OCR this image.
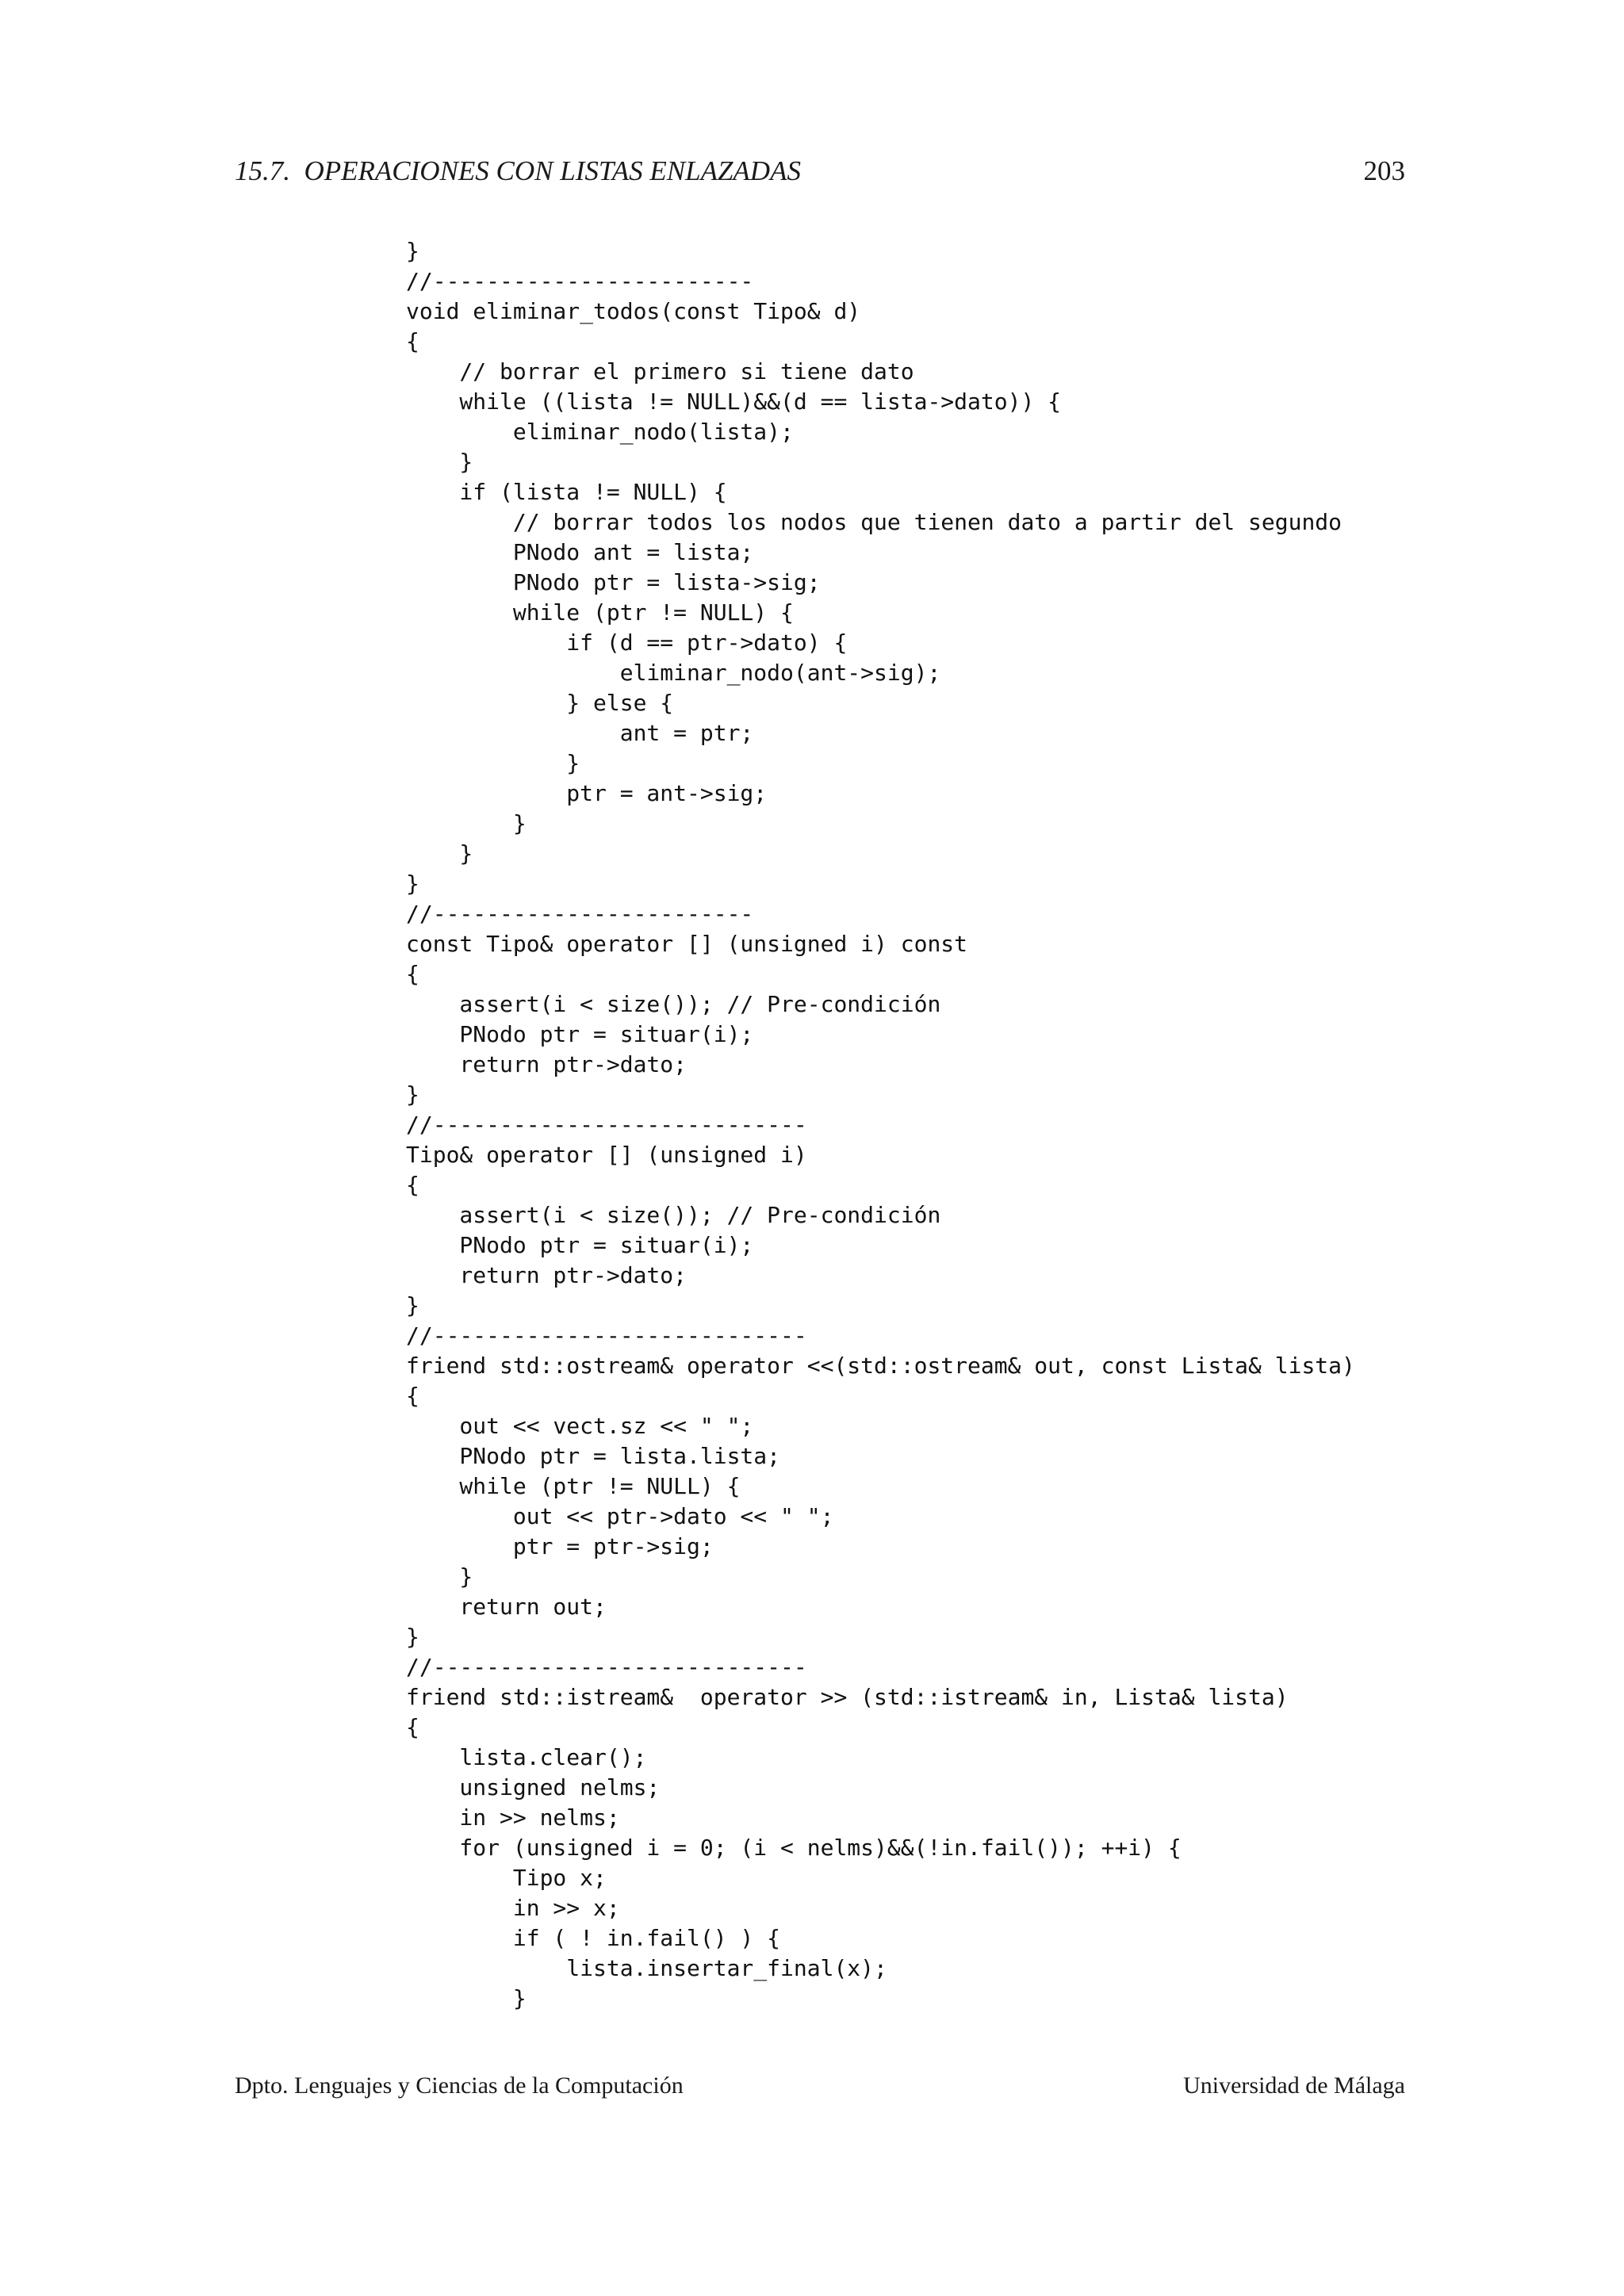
15.7.  OPERACIONES CON LISTAS ENLAZADAS	203
}
//------------------------
void eliminar_todos(const Tipo& d)
{
// borrar el primero si tiene dato
while ((lista != NULL)&&(d == lista->dato)) {
eliminar_nodo(lista);
}
if (lista != NULL) {
// borrar todos los nodos que tienen dato a partir del segundo
PNodo ant = lista;
PNodo ptr = lista->sig;
while (ptr != NULL) {
if (d == ptr->dato) {
eliminar_nodo(ant->sig);
} else {
ant = ptr;
}
ptr = ant->sig;
}
}
}
//------------------------
const Tipo& operator [] (unsigned i) const
{
assert(i < size()); // Pre-condición
PNodo ptr = situar(i);
return ptr->dato;
}
//----------------------------
Tipo& operator [] (unsigned i)
{
assert(i < size()); // Pre-condición
PNodo ptr = situar(i);
return ptr->dato;
}
//----------------------------
friend std::ostream& operator <<(std::ostream& out, const Lista& lista)
{
out << vect.sz << " ";
PNodo ptr = lista.lista;
while (ptr != NULL) {
out << ptr->dato << " ";
ptr = ptr->sig;
}
return out;
}
//----------------------------
friend std::istream&  operator >> (std::istream& in, Lista& lista)
{
lista.clear();
unsigned nelms;
in >> nelms;
for (unsigned i = 0; (i < nelms)&&(!in.fail()); ++i) {
Tipo x;
in >> x;
if ( ! in.fail() ) {
lista.insertar_final(x);
}
Dpto. Lenguajes y Ciencias de la Computación	Universidad de Málaga
